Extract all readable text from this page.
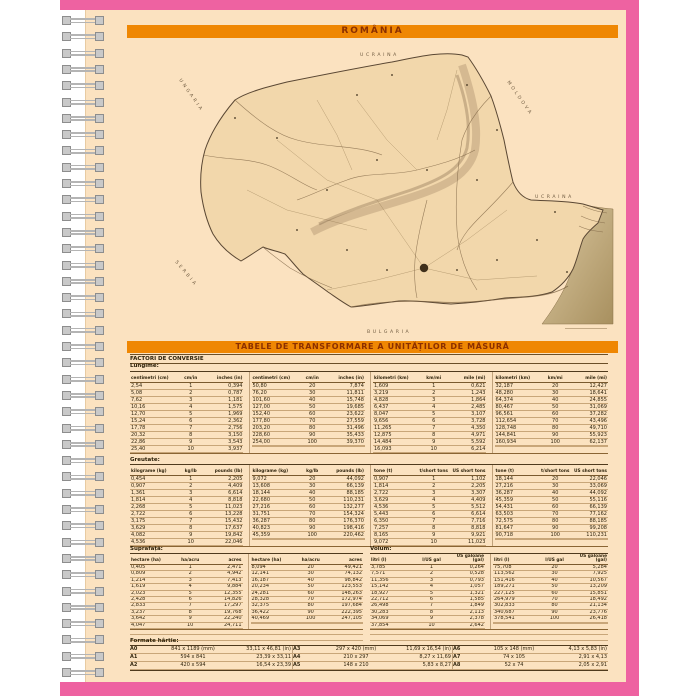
ROMÂNIA
UCRAINA
MOLDOVA
UNGARIA
SERBIA
BULGARIA
UCRAINA
TABELE DE TRANSFORMARE A UNITĂȚILOR DE MĂSURĂ
FACTORI DE CONVERSIE
Lungime:
centimetri (cm)	cm/in	inches (in)
2,54	1	0,394
5,08	2	0,787
7,62	3	1,181
10,16	4	1,575
12,70	5	1,969
15,24	6	2,362
17,78	7	2,756
20,32	8	3,150
22,86	9	3,543
25,40	10	3,937
centimetri (cm)	cm/in	inches (in)
50,80	20	7,874
76,20	30	11,811
101,60	40	15,748
127,00	50	19,685
152,40	60	23,622
177,80	70	27,559
203,20	80	31,496
228,60	90	35,433
254,00	100	39,370
kilometri (km)	km/mi	mile (mi)
1,609	1	0,621
3,219	2	1,243
4,828	3	1,864
6,437	4	2,485
8,047	5	3,107
9,656	6	3,728
11,265	7	4,350
12,875	8	4,971
14,484	9	5,592
16,093	10	6,214
kilometri (km)	km/mi	mile (mi)
32,187	20	12,427
48,280	30	18,641
64,374	40	24,855
80,467	50	31,069
96,561	60	37,282
112,654	70	43,496
128,748	80	49,710
144,841	90	55,923
160,934	100	62,137
Greutate:
kilograme (kg)	kg/lb	pounds (lb)
0,454	1	2,205
0,907	2	4,409
1,361	3	6,614
1,814	4	8,818
2,268	5	11,023
2,722	6	13,228
3,175	7	15,432
3,629	8	17,637
4,082	9	19,842
4,536	10	22,046
kilograme (kg)	kg/lb	pounds (lb)
9,072	20	44,092
13,608	30	66,139
18,144	40	88,185
22,680	50	110,231
27,216	60	132,277
31,751	70	154,324
36,287	80	176,370
40,823	90	198,416
45,359	100	220,462
tone (t)	t/short tons	US short tons
0,907	1	1,102
1,814	2	2,205
2,722	3	3,307
3,629	4	4,409
4,536	5	5,512
5,443	6	6,614
6,350	7	7,716
7,257	8	8,818
8,165	9	9,921
9,072	10	11,023
tone (t)	t/short tons	US short tons
18,144	20	22,046
27,216	30	33,069
36,287	40	44,092
45,359	50	55,116
54,431	60	66,139
63,503	70	77,162
72,575	80	88,185
81,647	90	99,208
90,718	100	110,231
Suprafață:
hectare (ha)	ha/acru	acres
0,405	1	2,471
0,809	2	4,942
1,214	3	7,413
1,619	4	9,884
2,023	5	12,355
2,428	6	14,826
2,833	7	17,297
3,237	8	19,768
3,642	9	22,240
4,047	10	24,711
hectare (ha)	ha/acru	acres
8,094	20	49,421
12,141	30	74,132
16,187	40	98,842
20,234	50	123,553
24,281	60	148,263
28,328	70	172,974
32,375	80	197,684
36,422	90	222,395
40,469	100	247,105
Volum:
litri (l)	l/US gal
US galoane (gal)
3,785	1	0,264
7,571	2	0,528
11,356	3	0,793
15,142	4	1,057
18,927	5	1,321
22,712	6	1,585
26,498	7	1,849
30,283	8	2,113
34,069	9	2,378
37,854	10	2,642
litri (l)	l/US gal
US galoane (gal)
75,708	20	5,284
113,562	30	7,925
151,416	40	10,567
189,271	50	13,209
227,125	60	15,851
264,979	70	18,492
302,833	80	21,134
340,687	90	23,776
378,541	100	26,418
Formate hârtie:
A0	841 x 1189 (mm)	33,11 x 46,81 (in) A3	297 x 420 (mm)	11,69 x 16,54 (in) A6	105 x 148 (mm)	4,13 x 5,83 (in)
A1	594 x 841	23,39 x 33,11 A4	210 x 297	8,27 x 11,69 A7	74 x 105	2,91 x 4,13
A2	420 x 594	16,54 x 23,39 A5	148 x 210	5,83 x 8,27 A8	52 x 74	2,05 x 2,91
